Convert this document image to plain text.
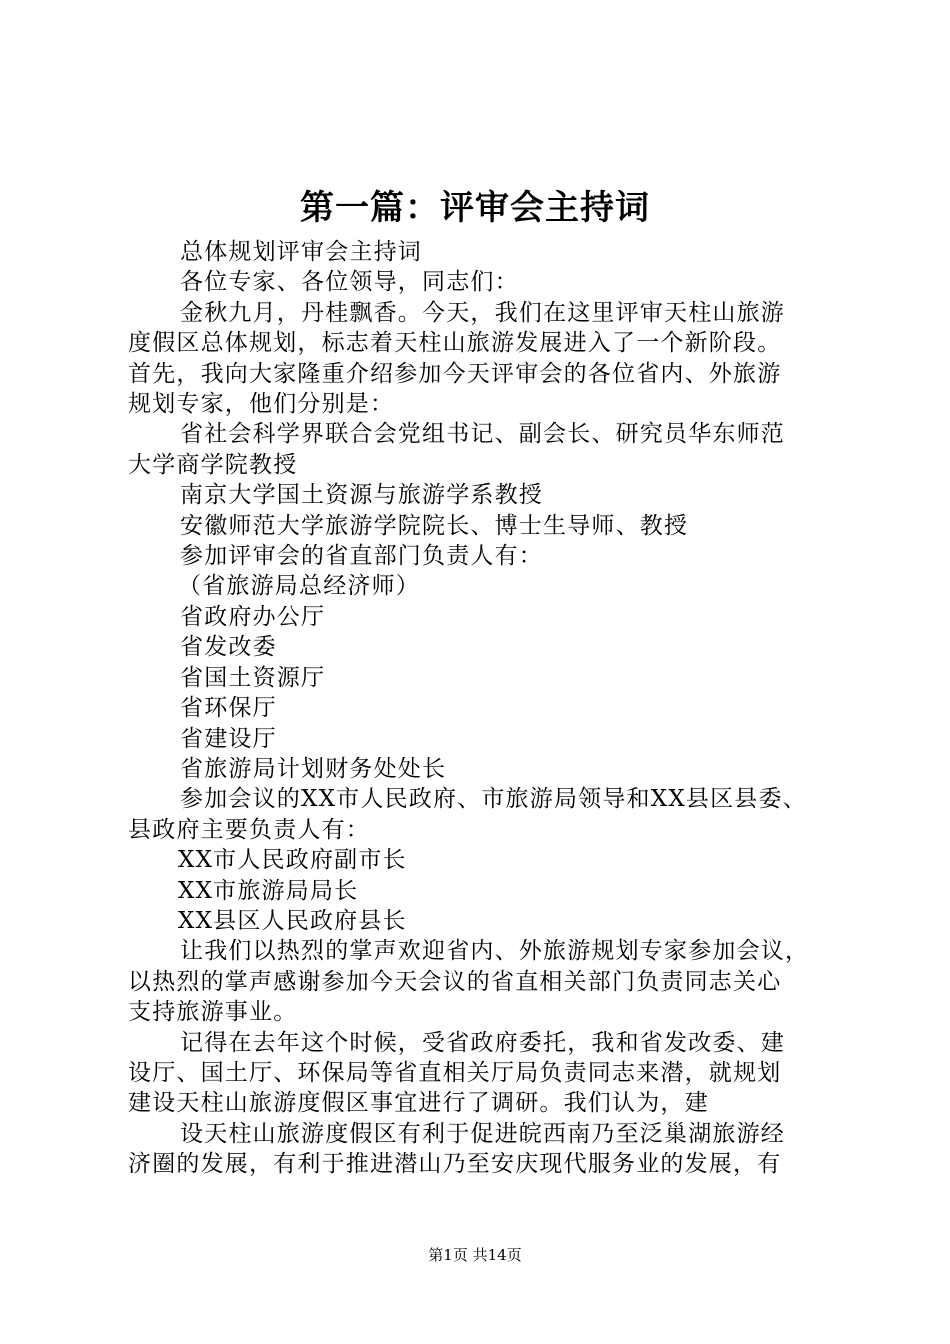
第一篇：评审会主持词

总体规划评审会主持词

各位专家、各位领导，同志们：

金秋九月，丹桂飘香。今天，我们在这里评审天柱山旅游

度假区总体规划，标志着天柱山旅游发展进入了一个新阶段。

首先，我向大家隆重介绍参加今天评审会的各位省内、外旅游

规划专家，他们分别是：

省社会科学界联合会党组书记、副会长、研究员华东师范

大学商学院教授

南京大学国土资源与旅游学系教授

安徽师范大学旅游学院院长、博士生导师、教授

参加评审会的省直部门负责人有：

（省旅游局总经济师）

省政府办公厅

省发改委

省国土资源厅

省环保厅

省建设厅

省旅游局计划财务处处长

参加会议的XX市人民政府、市旅游局领导和XX县区县委、

县政府主要负责人有：

XX市人民政府副市长

XX市旅游局局长

XX县区人民政府县长

让我们以热烈的掌声欢迎省内、外旅游规划专家参加会议，

以热烈的掌声感谢参加今天会议的省直相关部门负责同志关心

支持旅游事业。

记得在去年这个时候，受省政府委托，我和省发改委、建

设厅、国土厅、环保局等省直相关厅局负责同志来潜，就规划

建设天柱山旅游度假区事宜进行了调研。我们认为，建

设天柱山旅游度假区有利于促进皖西南乃至泛巢湖旅游经

济圈的发展，有利于推进潜山乃至安庆现代服务业的发展，有

第1页 共14页
